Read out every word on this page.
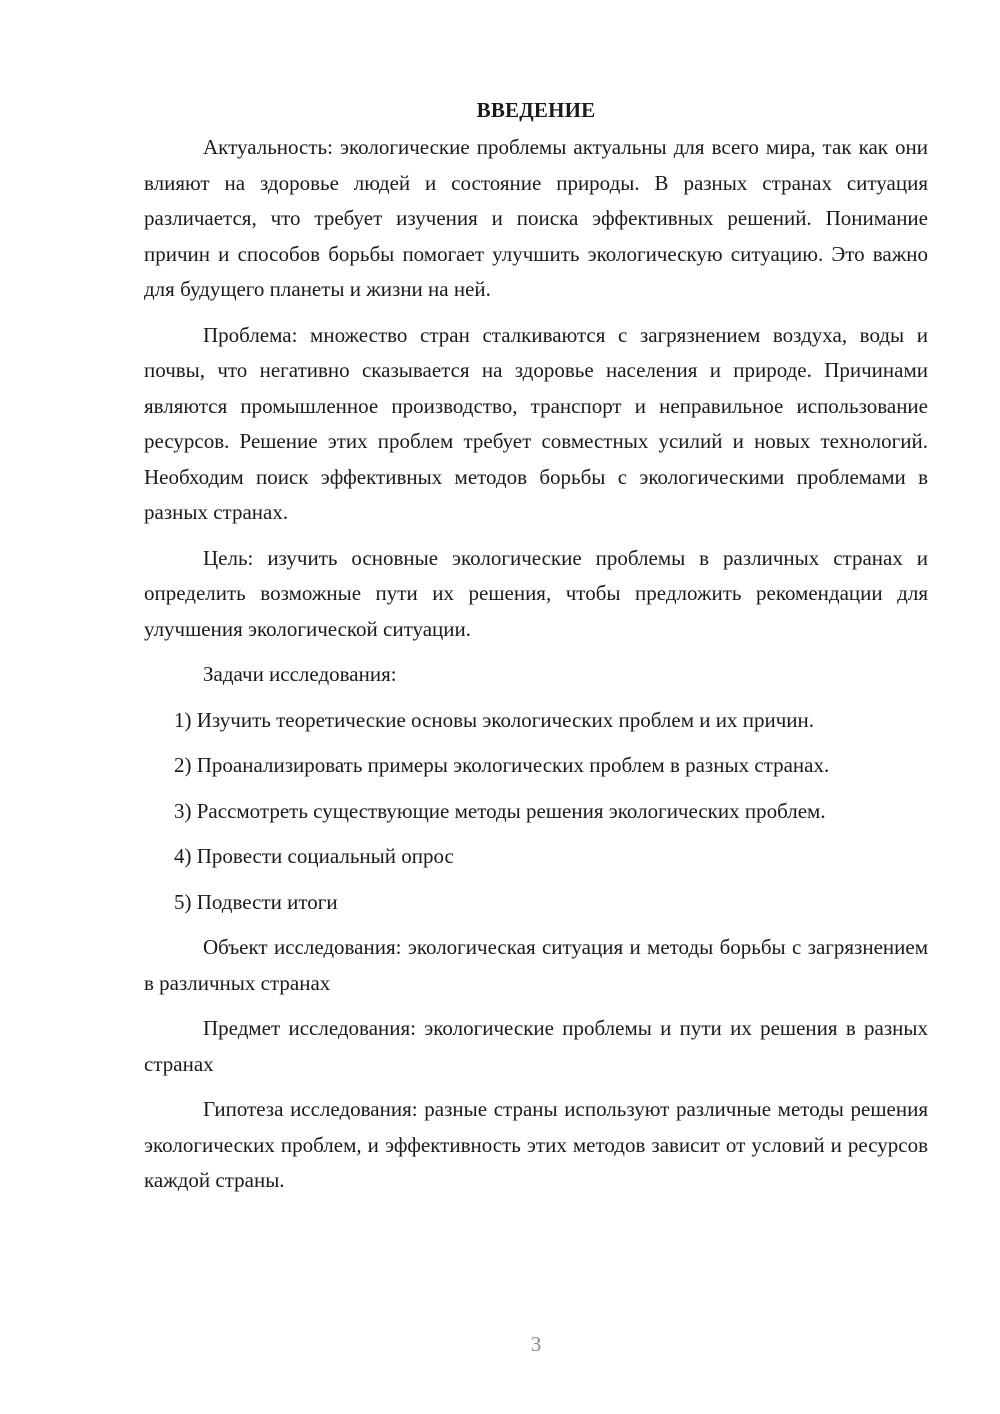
ВВЕДЕНИЕ

Актуальность: экологические проблемы актуальны для всего мира, так как они влияют на здоровье людей и состояние природы. В разных странах ситуация различается, что требует изучения и поиска эффективных решений. Понимание причин и способов борьбы помогает улучшить экологическую ситуацию. Это важно для будущего планеты и жизни на ней.

Проблема: множество стран сталкиваются с загрязнением воздуха, воды и почвы, что негативно сказывается на здоровье населения и природе. Причинами являются промышленное производство, транспорт и неправильное использование ресурсов. Решение этих проблем требует совместных усилий и новых технологий. Необходим поиск эффективных методов борьбы с экологическими проблемами в разных странах.

Цель: изучить основные экологические проблемы в различных странах и определить возможные пути их решения, чтобы предложить рекомендации для улучшения экологической ситуации.

Задачи исследования:

1) Изучить теоретические основы экологических проблем и их причин.

2) Проанализировать примеры экологических проблем в разных странах.

3) Рассмотреть существующие методы решения экологических проблем.

4) Провести социальный опрос

5) Подвести итоги

Объект исследования: экологическая ситуация и методы борьбы с загрязнением в различных странах

Предмет исследования: экологические проблемы и пути их решения в разных странах

Гипотеза исследования: разные страны используют различные методы решения экологических проблем, и эффективность этих методов зависит от условий и ресурсов каждой страны.

3
